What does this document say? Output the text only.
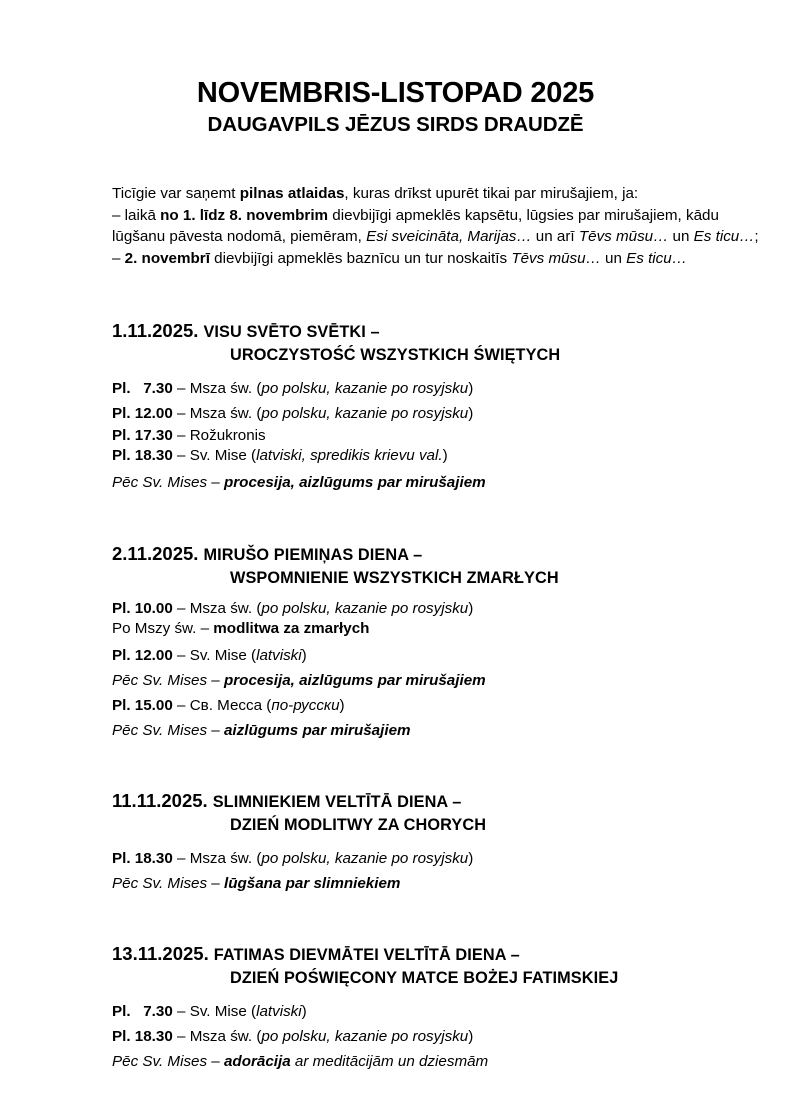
NOVEMBRIS-LISTOPAD 2025
DAUGAVPILS JĒZUS SIRDS DRAUDZĒ
Ticīgie var saņemt pilnas atlaidas, kuras drīkst upurēt tikai par mirušajiem, ja:
– laikā no 1. līdz 8. novembrim dievbijīgi apmeklēs kapsētu, lūgsies par mirušajiem, kādu lūgšanu pāvesta nodomā, piemēram, Esi sveicināta, Marijas… un arī Tēvs mūsu… un Es ticu…;
– 2. novembrī dievbijīgi apmeklēs baznīcu un tur noskaitīs Tēvs mūsu… un Es ticu…
1.11.2025. VISU SVĒTO SVĒTKI –
UROCZYSTOŚĆ WSZYSTKICH ŚWIĘTYCH
Pl.   7.30 – Msza św. (po polsku, kazanie po rosyjsku)
Pl. 12.00 – Msza św. (po polsku, kazanie po rosyjsku)
Pl. 17.30 – Rožukronis
Pl. 18.30 – Sv. Mise (latviski, spredikis krievu val.)
Pēc Sv. Mises – procesija, aizlūgums par mirušajiem
2.11.2025. MIRUŠO PIEMIŅAS DIENA –
WSPOMNIENIE WSZYSTKICH ZMARŁYCH
Pl. 10.00 – Msza św. (po polsku, kazanie po rosyjsku)
Po Mszy św. – modlitwa za zmarłych
Pl. 12.00 – Sv. Mise (latviski)
Pēc Sv. Mises – procesija, aizlūgums par mirušajiem
Pl. 15.00 – Св. Месса (по-русски)
Pēc Sv. Mises – aizlūgums par mirušajiem
11.11.2025. SLIMNIEKIEM VELTĪTĀ DIENA –
DZIEŃ MODLITWY ZA CHORYCH
Pl. 18.30 – Msza św. (po polsku, kazanie po rosyjsku)
Pēc Sv. Mises – lūgšana par slimniekiem
13.11.2025. FATIMAS DIEVMĀTEI VELTĪTĀ DIENA –
DZIEŃ POŚWIĘCONY MATCE BOŻEJ FATIMSKIEJ
Pl.   7.30 – Sv. Mise (latviski)
Pl. 18.30 – Msza św. (po polsku, kazanie po rosyjsku)
Pēc Sv. Mises – adorācija ar meditācijām un dziesmām
